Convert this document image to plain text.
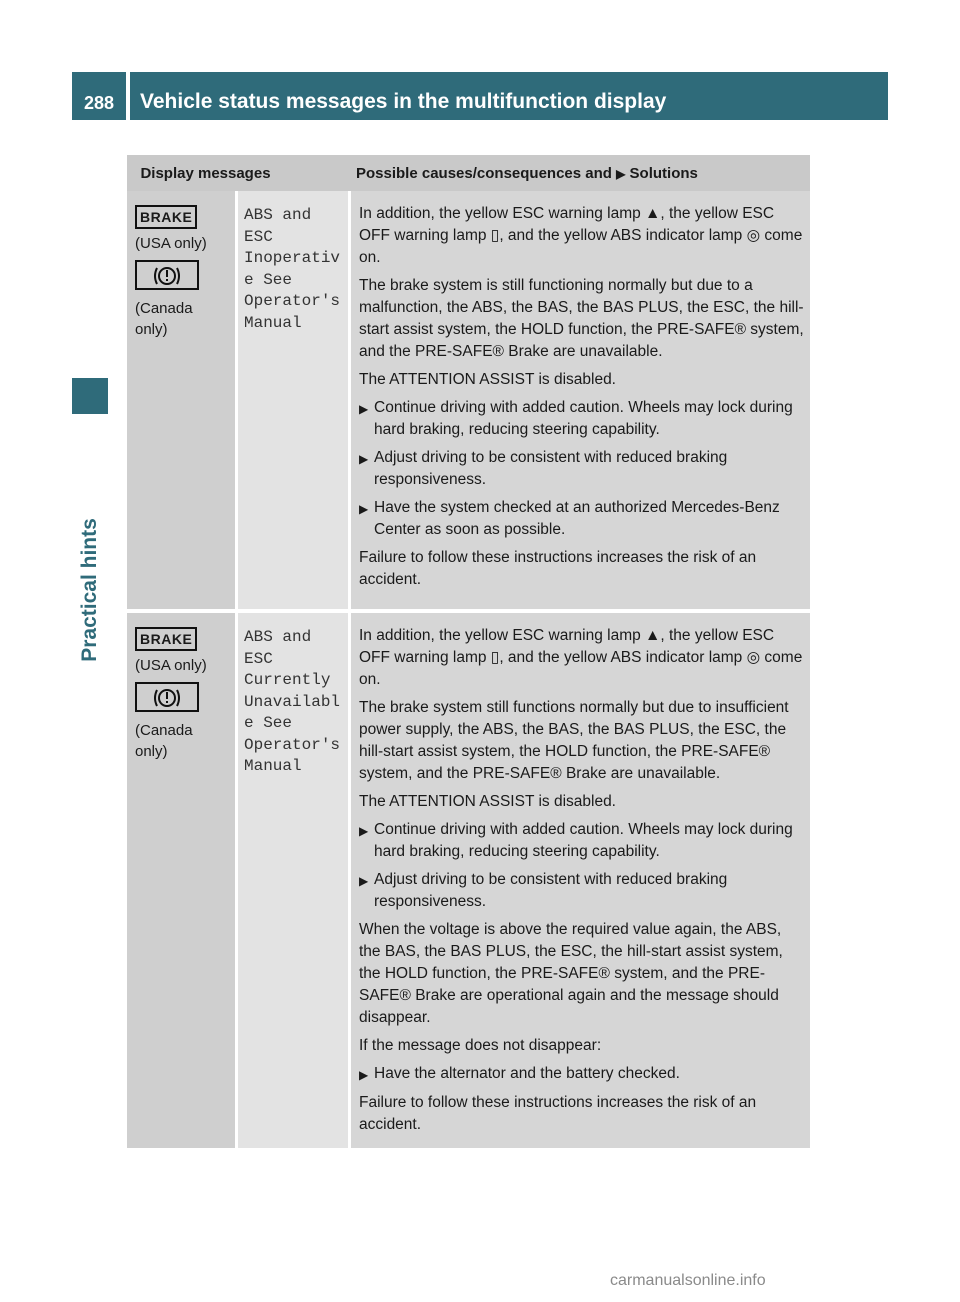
288	Vehicle status messages in the multifunction display
Practical hints
Display messages	Possible causes/consequences and ▶ Solutions
BRAKE
(USA only)
(Canada only)
ABS and
ESC
Inoperativ
e See
Operator's
Manual

In addition, the yellow ESC warning lamp ▲, the yellow ESC OFF warning lamp ▯, and the yellow ABS indicator lamp ◎ come on.

The brake system is still functioning normally but due to a malfunction, the ABS, the BAS, the BAS PLUS, the ESC, the hill-start assist system, the HOLD function, the PRE-SAFE® system, and the PRE-SAFE® Brake are unavailable.

The ATTENTION ASSIST is disabled.

▶ Continue driving with added caution. Wheels may lock during hard braking, reducing steering capability.
▶ Adjust driving to be consistent with reduced braking responsiveness.
▶ Have the system checked at an authorized Mercedes-Benz Center as soon as possible.

Failure to follow these instructions increases the risk of an accident.

BRAKE
(USA only)
(Canada only)
ABS and
ESC
Currently
Unavailabl
e See
Operator's
Manual

In addition, the yellow ESC warning lamp ▲, the yellow ESC OFF warning lamp ▯, and the yellow ABS indicator lamp ◎ come on.

The brake system still functions normally but due to insufficient power supply, the ABS, the BAS, the BAS PLUS, the ESC, the hill-start assist system, the HOLD function, the PRE-SAFE® system, and the PRE-SAFE® Brake are unavailable.

The ATTENTION ASSIST is disabled.

▶ Continue driving with added caution. Wheels may lock during hard braking, reducing steering capability.
▶ Adjust driving to be consistent with reduced braking responsiveness.

When the voltage is above the required value again, the ABS, the BAS, the BAS PLUS, the ESC, the hill-start assist system, the HOLD function, the PRE-SAFE® system, and the PRE-SAFE® Brake are operational again and the message should disappear.

If the message does not disappear:

▶ Have the alternator and the battery checked.

Failure to follow these instructions increases the risk of an accident.

carmanualsonline.info
